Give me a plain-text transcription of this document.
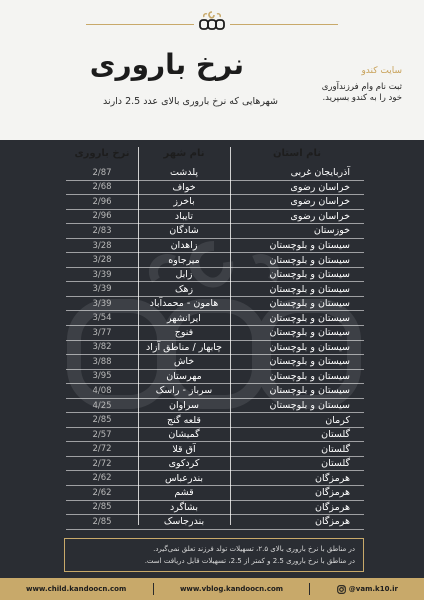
نرخ باروری
شهرهایی که نرخ باروری بالای عدد 2.5 دارند
سایت کندو
ثبت نام وام فرزندآوری
خود را به کندو بسپرید.
نام استان
نام شهر
نرخ باروری
آذربایجان غربی
پلدشت
2/87
خراسان رضوی
خواف
2/68
خراسان رضوی
باخرز
2/96
خراسان رضوی
تایباد
2/96
خوزستان
شادگان
2/83
سیستان و بلوچستان
زاهدان
3/28
سیستان و بلوچستان
میرجاوه
3/28
سیستان و بلوچستان
زابل
3/39
سیستان و بلوچستان
زهک
3/39
سیستان و بلوچستان
هامون - محمدآباد
3/39
سیستان و بلوچستان
ایرانشهر
3/54
سیستان و بلوچستان
فنوج
3/77
سیستان و بلوچستان
چابهار / مناطق آزاد
3/82
سیستان و بلوچستان
خاش
3/88
سیستان و بلوچستان
مهرستان
3/95
سیستان و بلوچستان
سرباز - راسک
4/08
سیستان و بلوچستان
سراوان
4/25
کرمان
قلعه گنج
2/85
گلستان
گمیشان
2/57
گلستان
آق قلا
2/72
گلستان
کردکوی
2/72
هرمزگان
بندرعباس
2/62
هرمزگان
قشم
2/62
هرمزگان
بشاگرد
2/85
هرمزگان
بندرجاسک
2/85
در مناطق با نرخ باروری بالای ۲.۵، تسهیلات تولد فرزند تعلق نمی‌گیرد.
در مناطق با نرخ باروری 2.5 و کمتر از 2.5، تسهیلات قابل دریافت است.
www.child.kandoocn.com	www.vblog.kandoocn.com	@vam.k10.ir
